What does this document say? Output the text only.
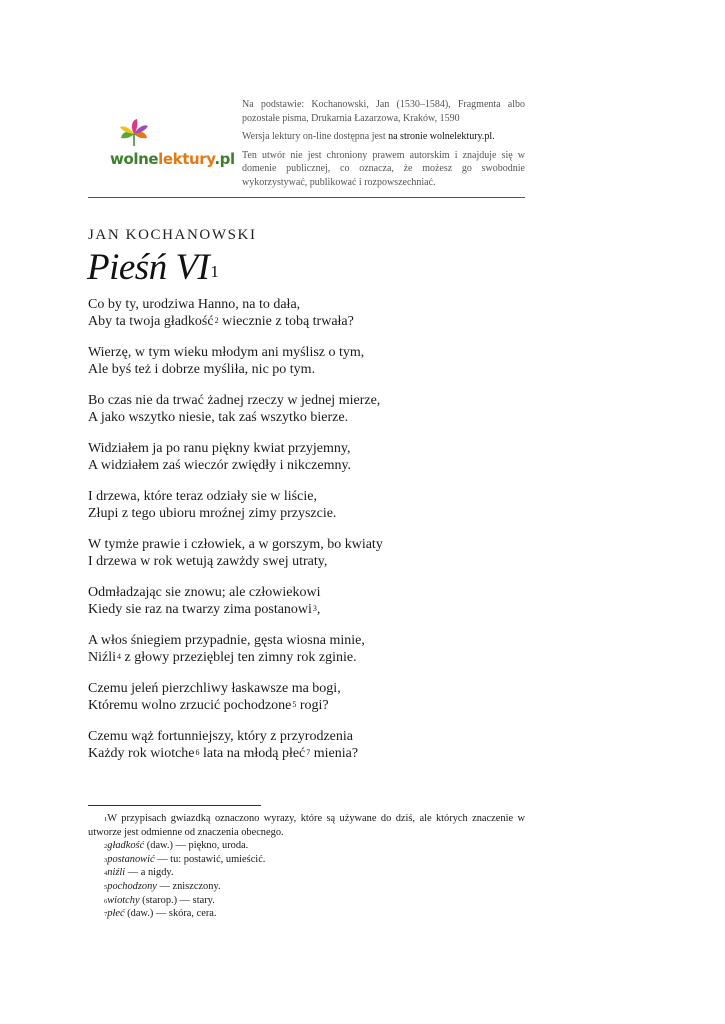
wolnelektury.pl

Na podstawie: Kochanowski, Jan (1530–1584), Fragmenta albo pozostałe pisma, Drukarnia Łazarzowa, Kraków, 1590

Wersja lektury on-line dostępna jest na stronie wolnelektury.pl.

Ten utwór nie jest chroniony prawem autorskim i znajduje się w domenie publicznej, co oznacza, że możesz go swobodnie wykorzystywać, publikować i rozpowszechniać.

JAN KOCHANOWSKI
Pieśń $VI^1$
Co by ty, urodziwa Hanno, na to dała,
Aby ta twoja gładkość$^2$ wiecznie z tobą trwała?
Wierzę, w tym wieku młodym ani myślisz o tym,
Ale byś też i dobrze myśliła, nic po tym.
Bo czas nie da trwać żadnej rzeczy w jednej mierze,
A jako wszytko niesie, tak zaś wszytko bierze.
Widziałem ja po ranu piękny kwiat przyjemny,
A widziałem zaś wieczór zwiędły i nikczemny.
I drzewa, które teraz odziały sie w liście,
Złupi z tego ubioru mroźnej zimy przyszcie.
W tymże prawie i człowiek, a w gorszym, bo kwiaty
I drzewa w rok wetują zawżdy swej utraty,
Odmładzając sie znowu; ale człowiekowi
Kiedy sie raz na twarzy zima postanowi$^3$,
A włos śniegiem przypadnie, gęsta wiosna minie,
Niźli$^4$ z głowy przezięblej ten zimny rok zginie.
Czemu jeleń pierzchliwy łaskawsze ma bogi,
Któremu wolno zrzucić pochodzone$^5$ rogi?
Czemu wąż fortunniejszy, który z przyrodzenia
Każdy rok wiotche$^6$ lata na młodą płeć$^7$ mienia?
$^1$W przypisach gwiazdką oznaczono wyrazy, które są używane do dziś, ale których znaczenie w utworze jest odmienne od znaczenia obecnego.
$^2$gładkość (daw.) — piękno, uroda.
$^3$postanowić — tu: postawić, umieścić.
$^4$niźli — a nigdy.
$^5$pochodzony — zniszczony.
$^6$wiotchy (starop.) — stary.
$^7$płeć (daw.) — skóra, cera.
